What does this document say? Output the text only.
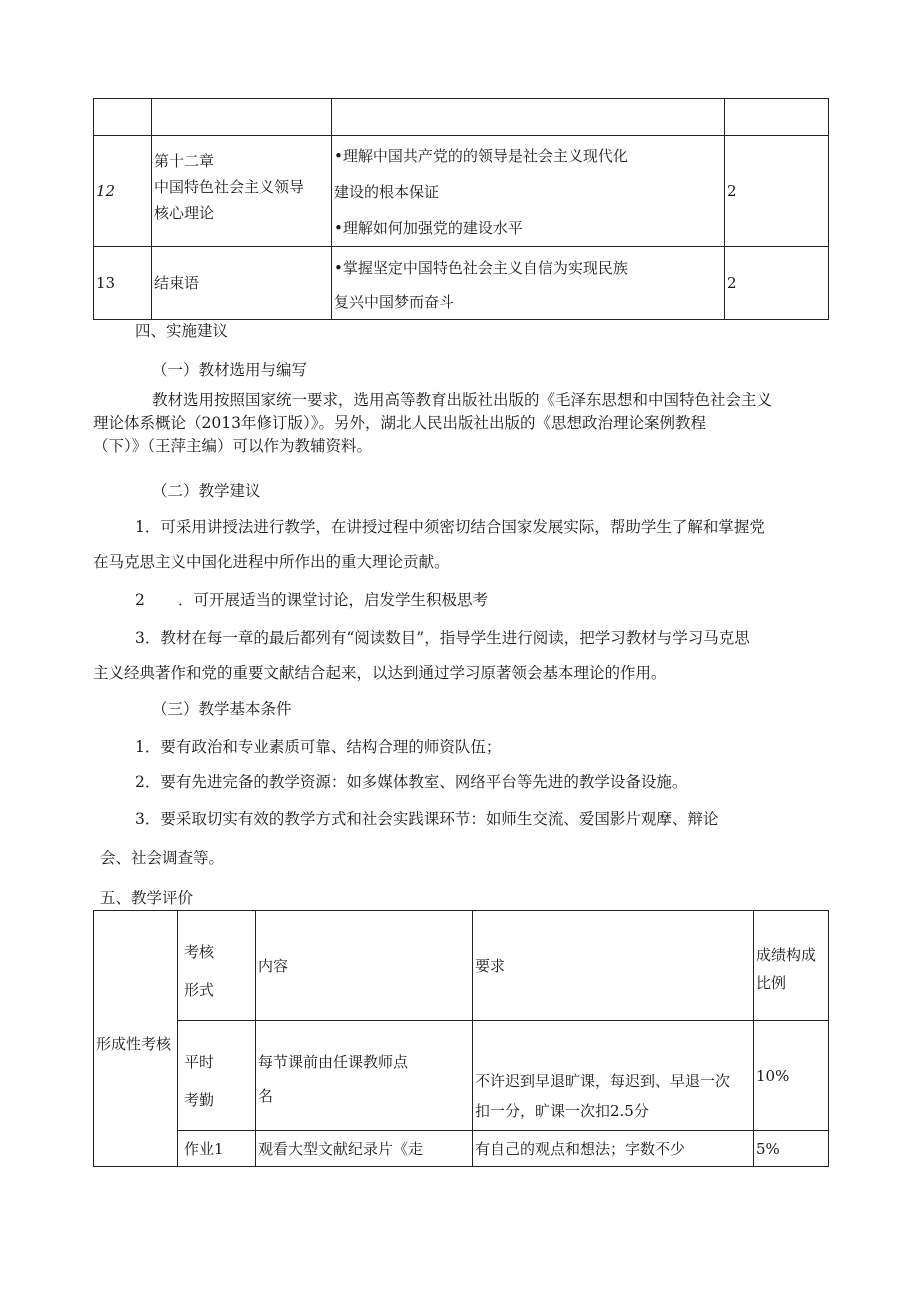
12	第十二章
中国特色社会主义领导
核心理论	•理解中国共产党的的领导是社会主义现代化
建设的根本保证
•理解如何加强党的建设水平	2
13	结束语	•掌握坚定中国特色社会主义自信为实现民族
复兴中国梦而奋斗	2
四、实施建议
（一）教材选用与编写
教材选用按照国家统一要求，选用高等教育出版社出版的《毛泽东思想和中国特色社会主义
理论体系概论（2013年修订版）》。另外，湖北人民出版社出版的《思想政治理论案例教程
（下）》（王萍主编）可以作为教辅资料。
（二）教学建议
1．可采用讲授法进行教学，在讲授过程中须密切结合国家发展实际，帮助学生了解和掌握党
在马克思主义中国化进程中所作出的重大理论贡献。
2 ．可开展适当的课堂讨论，启发学生积极思考
3．教材在每一章的最后都列有“阅读数目”，指导学生进行阅读，把学习教材与学习马克思
主义经典著作和党的重要文献结合起来，以达到通过学习原著领会基本理论的作用。
（三）教学基本条件
1．要有政治和专业素质可靠、结构合理的师资队伍；
2．要有先进完备的教学资源：如多媒体教室、网络平台等先进的教学设备设施。
3．要采取切实有效的教学方式和社会实践课环节：如师生交流、爱国影片观摩、辩论
会、社会调查等。
五、教学评价
形成性考核	考核
形式	内容	要求	成绩构成
比例

	平时
考勤	每节课前由任课教师点
名	不许迟到早退旷课，每迟到、早退一次
扣一分，旷课一次扣2.5分	10%

	作业1	观看大型文献纪录片《走	有自己的观点和想法；字数不少	5%
